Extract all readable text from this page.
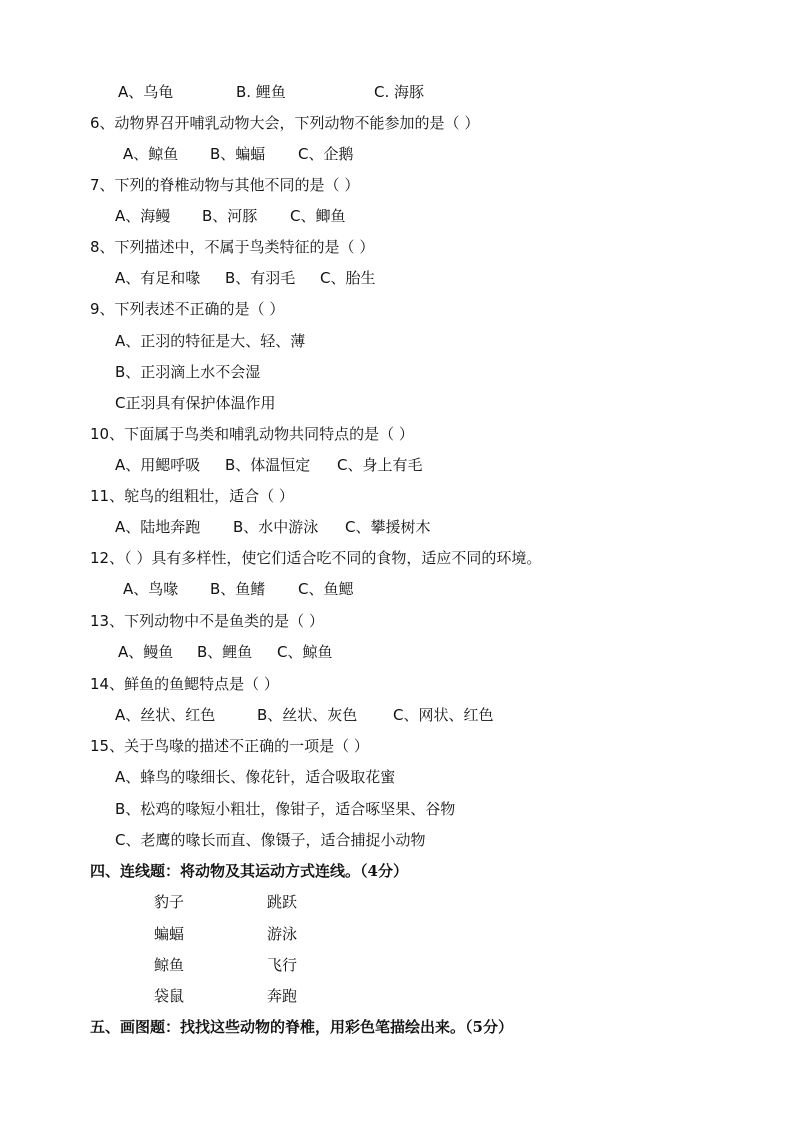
A、乌龟	B. 鲤鱼	C. 海豚
6、动物界召开哺乳动物大会，下列动物不能参加的是（ ）
A、鲸鱼 B、蝙蝠 C、企鹅
7、下列的脊椎动物与其他不同的是（ ）
A、海鳗 B、河豚 C、鲫鱼
8、下列描述中，不属于鸟类特征的是（ ）
A、有足和喙 B、有羽毛 C、胎生
9、下列表述不正确的是（ ）
A、正羽的特征是大、轻、薄
B、正羽滴上水不会湿
C正羽具有保护体温作用
10、下面属于鸟类和哺乳动物共同特点的是（ ）
A、用鳃呼吸 B、体温恒定 C、身上有毛
11、鸵鸟的组粗壮，适合（ ）
A、陆地奔跑 B、水中游泳 C、攀援树木
12、（ ）具有多样性，使它们适合吃不同的食物，适应不同的环境。
A、鸟喙 B、鱼鳍 C、鱼鳃
13、下列动物中不是鱼类的是（ ）
A、鳗鱼 B、鲤鱼 C、鲸鱼
14、鲜鱼的鱼鳃特点是（ ）
A、丝状、红色	B、丝状、灰色 C、网状、红色
15、关于鸟喙的描述不正确的一项是（ ）
A、蜂鸟的喙细长、像花针，适合吸取花蜜
B、松鸡的喙短小粗壮，像钳子，适合啄坚果、谷物
C、老鹰的喙长而直、像镊子，适合捕捉小动物
四、连线题：将动物及其运动方式连线。（4分）
豹子	跳跃
蝙蝠	游泳
鲸鱼	飞行
袋鼠	奔跑
五、画图题：找找这些动物的脊椎，用彩色笔描绘出来。（5分）
